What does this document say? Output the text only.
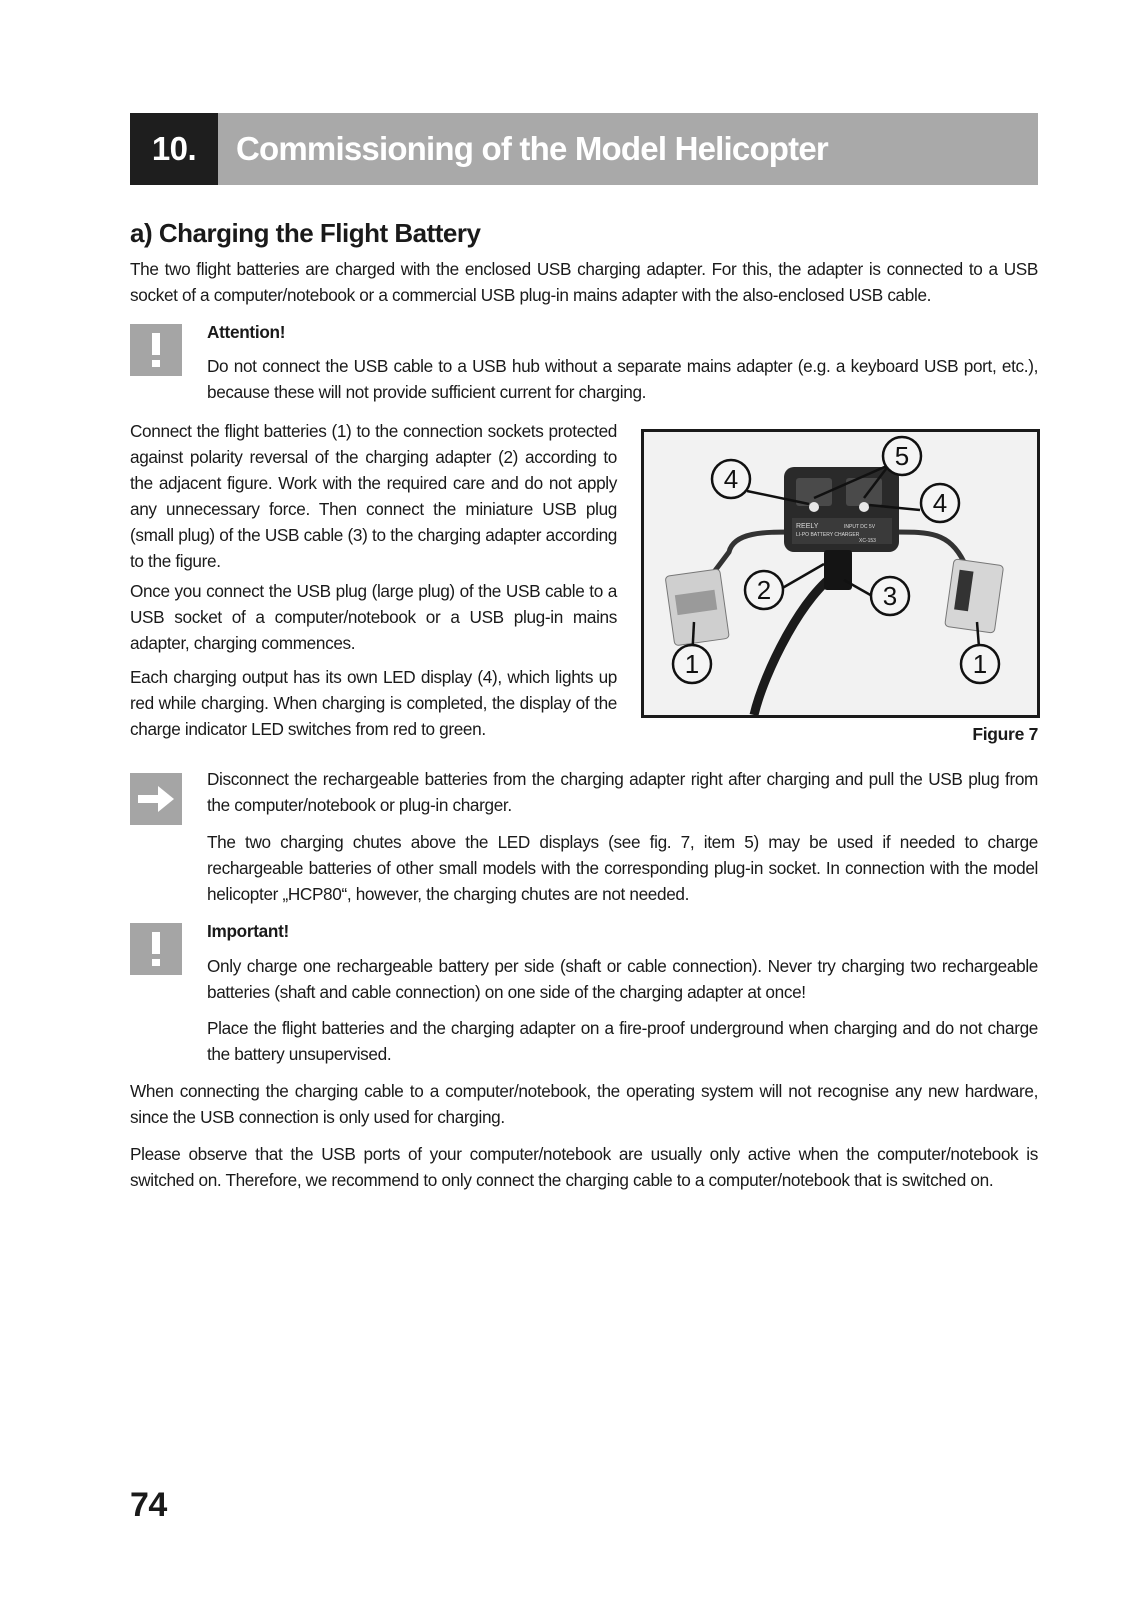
10.	Commissioning of the Model Helicopter
a) Charging the Flight Battery

The two flight batteries are charged with the enclosed USB charging adapter. For this, the adapter is connected to a USB socket of a computer/notebook or a commercial USB plug-in mains adapter with the also-enclosed USB cable.

Attention!

Do not connect the USB cable to a USB hub without a separate mains adapter (e.g. a keyboard USB port, etc.), because these will not provide sufficient current for charging.

Connect the flight batteries (1) to the connection sockets protected against polarity reversal of the charging adapter (2) according to the adjacent figure. Work with the required care and do not apply any unnecessary force. Then connect the miniature USB plug (small plug) of the USB cable (3) to the charging adapter according to the figure.

Once you connect the USB plug (large plug) of the USB cable to a USB socket of a computer/notebook or a USB plug-in mains adapter, charging commences.

Each charging output has its own LED display (4), which lights up red while charging. When charging is completed, the display of the charge indicator LED switches from red to green.

REELY	INPUT DC 5V
LI-PO BATTERY CHARGER
XC-153
1	1
2	3
4
4
5
Figure 7

Disconnect the rechargeable batteries from the charging adapter right after charging and pull the USB plug from the computer/notebook or plug-in charger.

The two charging chutes above the LED displays (see fig. 7, item 5) may be used if needed to charge rechargeable batteries of other small models with the corresponding plug-in socket. In connection with the model helicopter „HCP80“, however, the charging chutes are not needed.

Important!

Only charge one rechargeable battery per side (shaft or cable connection). Never try charging two rechargeable batteries (shaft and cable connection) on one side of the charging adapter at once!

Place the flight batteries and the charging adapter on a fire-proof underground when charging and do not charge the battery unsupervised.

When connecting the charging cable to a computer/notebook, the operating system will not recognise any new hardware, since the USB connection is only used for charging.

Please observe that the USB ports of your computer/notebook are usually only active when the computer/notebook is switched on. Therefore, we recommend to only connect the charging cable to a computer/notebook that is switched on.

74
